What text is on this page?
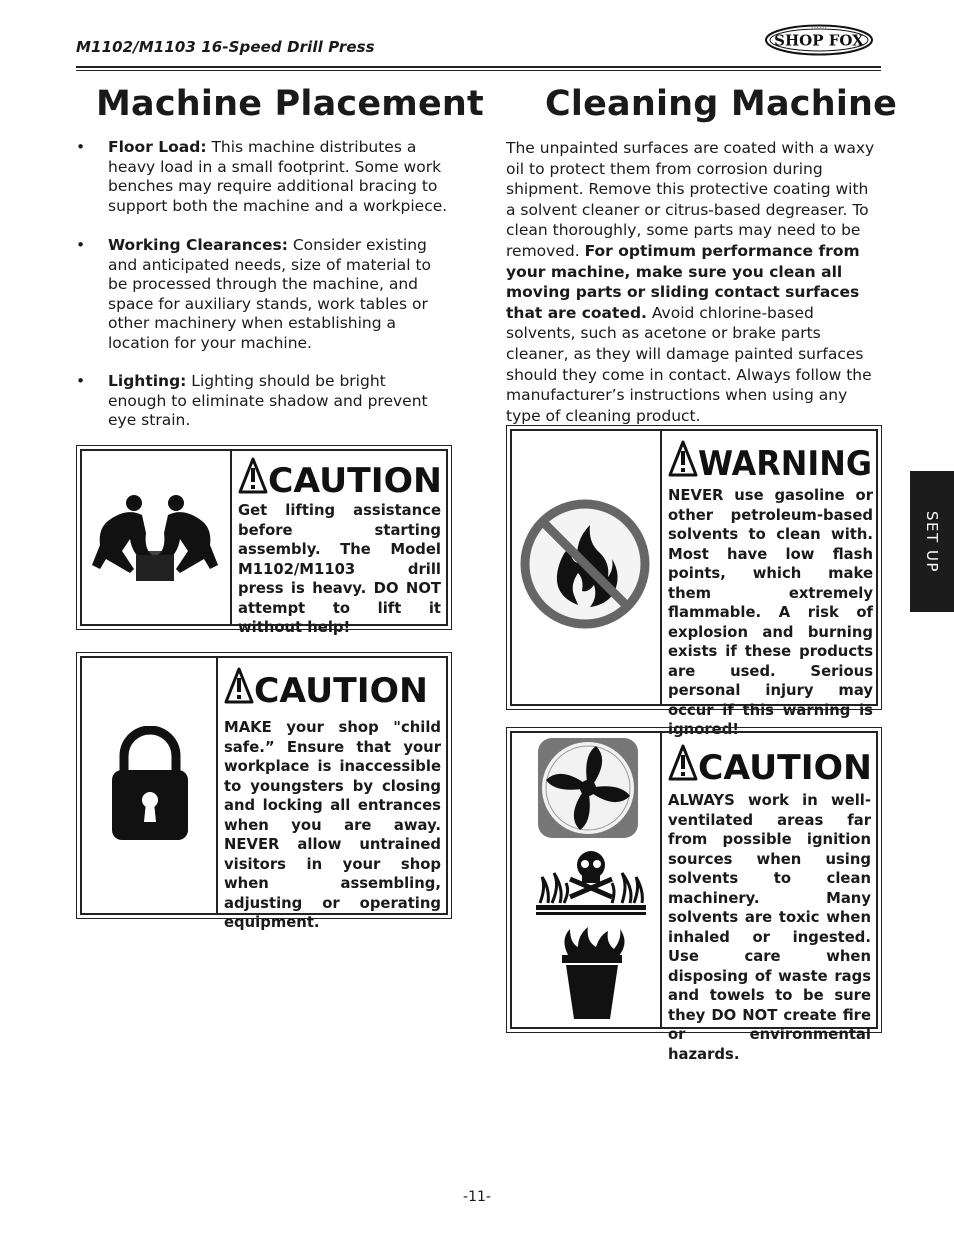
M1102/M1103 16-Speed Drill Press	SHOP FOX
• • • • • •
Machine Placement
• Floor Load: This machine distributes a heavy load in a small footprint. Some work benches may require additional bracing to support both the machine and a workpiece.
• Working Clearances: Consider existing and anticipated needs, size of material to be processed through the machine, and space for auxiliary stands, work tables or other machinery when establishing a location for your machine.
• Lighting: Lighting should be bright enough to eliminate shadow and prevent eye strain.
CAUTION
Get lifting assistance before starting assembly. The Model M1102/M1103 drill press is heavy. DO NOT attempt to lift it without help!
CAUTION
MAKE your shop "child safe.” Ensure that your workplace is inaccessible to youngsters by closing and locking all entrances when you are away. NEVER allow untrained visitors in your shop when assembling, adjusting or operating equipment.
Cleaning Machine
The unpainted surfaces are coated with a waxy oil to protect them from corrosion during shipment. Remove this protective coating with a solvent cleaner or citrus-based degreaser. To clean thoroughly, some parts may need to be removed. For optimum performance from your machine, make sure you clean all moving parts or sliding contact surfaces that are coated. Avoid chlorine-based solvents, such as acetone or brake parts cleaner, as they will damage painted surfaces should they come in contact. Always follow the manufacturer’s instructions when using any type of cleaning product.
WARNING
NEVER use gasoline or other petroleum-based solvents to clean with. Most have low flash points, which make them extremely flammable. A risk of explosion and burning exists if these products are used. Serious personal injury may occur if this warning is ignored!
CAUTION
ALWAYS work in well-ventilated areas far from possible ignition sources when using solvents to clean machinery. Many solvents are toxic when inhaled or ingested. Use care when disposing of waste rags and towels to be sure they DO NOT create fire or environmental hazards.
SET UP
-11-
